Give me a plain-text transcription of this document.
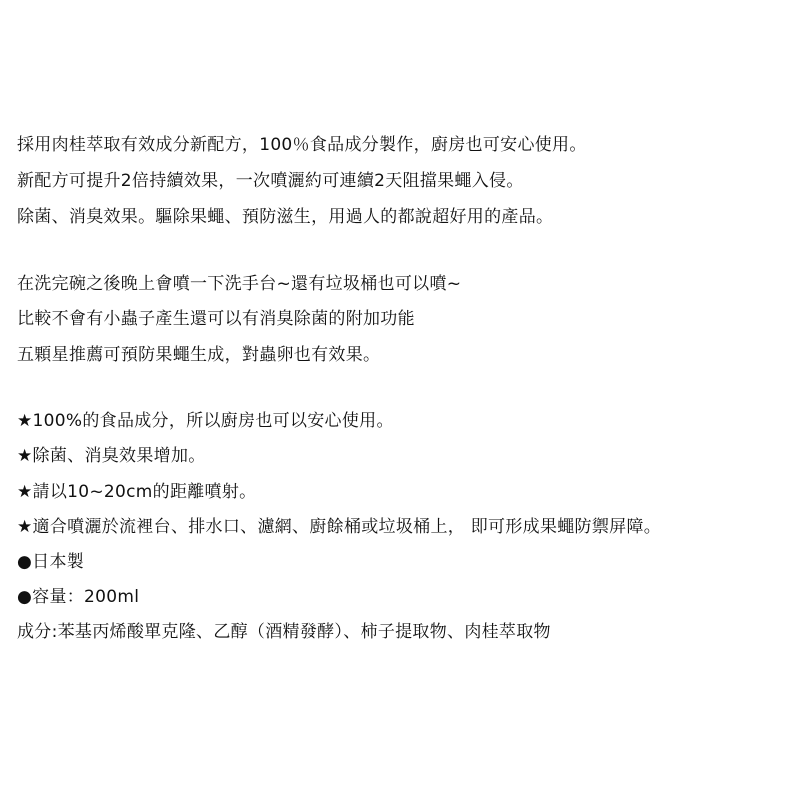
採用肉桂萃取有效成分新配方，100％食品成分製作，廚房也可安心使用。
新配方可提升2倍持續效果，一次噴灑約可連續2天阻擋果蠅入侵。
除菌、消臭效果。驅除果蠅、預防滋生，用過人的都說超好用的產品。
在洗完碗之後晚上會噴一下洗手台~還有垃圾桶也可以噴~
比較不會有小蟲子產生還可以有消臭除菌的附加功能
五顆星推薦可預防果蠅生成，對蟲卵也有效果。
★100%的食品成分，所以廚房也可以安心使用。
★除菌、消臭效果增加。
★請以10~20cm的距離噴射。
★適合噴灑於流裡台、排水口、濾網、廚餘桶或垃圾桶上， 即可形成果蠅防禦屏障。
●日本製
●容量：200ml
成分:苯基丙烯酸單克隆、乙醇（酒精發酵）、柿子提取物、肉桂萃取物
